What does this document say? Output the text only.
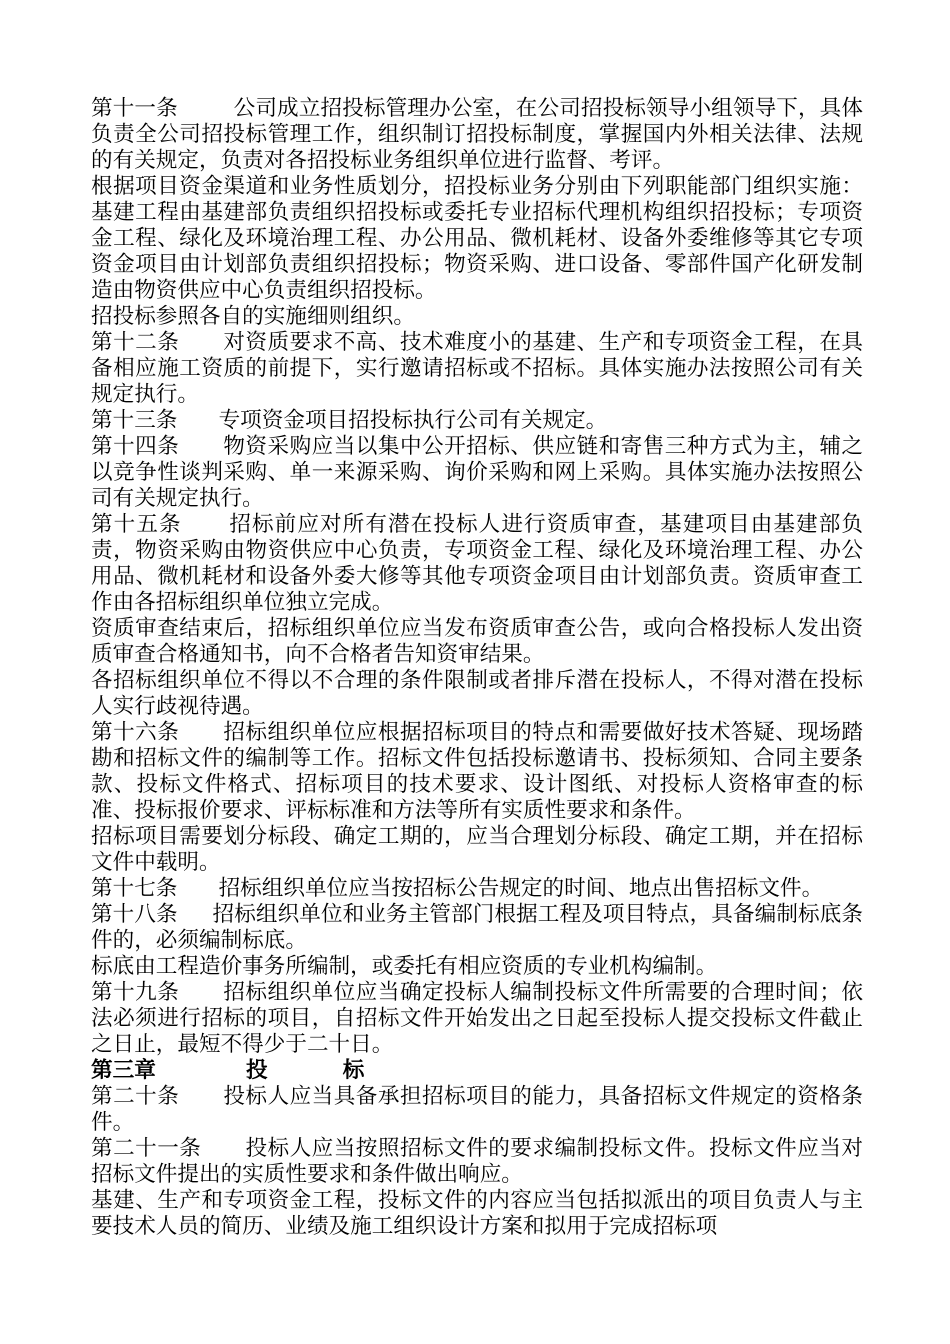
第十一条	公司成立招投标管理办公室，在公司招投标领导小组领导下，具体负责全公司招投标管理工作，组织制订招投标制度，掌握国内外相关法律、法规的有关规定，负责对各招投标业务组织单位进行监督、考评。

根据项目资金渠道和业务性质划分，招投标业务分别由下列职能部门组织实施：基建工程由基建部负责组织招投标或委托专业招标代理机构组织招投标；专项资金工程、绿化及环境治理工程、办公用品、微机耗材、设备外委维修等其它专项资金项目由计划部负责组织招投标；物资采购、进口设备、零部件国产化研发制造由物资供应中心负责组织招投标。

招投标参照各自的实施细则组织。

第十二条 对资质要求不高、技术难度小的基建、生产和专项资金工程，在具备相应施工资质的前提下，实行邀请招标或不招标。具体实施办法按照公司有关规定执行。

第十三条 专项资金项目招投标执行公司有关规定。

第十四条 物资采购应当以集中公开招标、供应链和寄售三种方式为主，辅之以竞争性谈判采购、单一来源采购、询价采购和网上采购。具体实施办法按照公司有关规定执行。

第十五条 招标前应对所有潜在投标人进行资质审查，基建项目由基建部负责，物资采购由物资供应中心负责，专项资金工程、绿化及环境治理工程、办公用品、微机耗材和设备外委大修等其他专项资金项目由计划部负责。资质审查工作由各招标组织单位独立完成。

资质审查结束后，招标组织单位应当发布资质审查公告，或向合格投标人发出资质审查合格通知书，向不合格者告知资审结果。

各招标组织单位不得以不合理的条件限制或者排斥潜在投标人，不得对潜在投标人实行歧视待遇。

第十六条 招标组织单位应根据招标项目的特点和需要做好技术答疑、现场踏勘和招标文件的编制等工作。招标文件包括投标邀请书、投标须知、合同主要条款、投标文件格式、招标项目的技术要求、设计图纸、对投标人资格审查的标准、投标报价要求、评标标准和方法等所有实质性要求和条件。

招标项目需要划分标段、确定工期的，应当合理划分标段、确定工期，并在招标文件中载明。

第十七条 招标组织单位应当按招标公告规定的时间、地点出售招标文件。

第十八条 招标组织单位和业务主管部门根据工程及项目特点，具备编制标底条件的，必须编制标底。

标底由工程造价事务所编制，或委托有相应资质的专业机构编制。

第十九条 招标组织单位应当确定投标人编制投标文件所需要的合理时间；依法必须进行招标的项目，自招标文件开始发出之日起至投标人提交投标文件截止之日止，最短不得少于二十日。

第三章            投          标

第二十条 投标人应当具备承担招标项目的能力，具备招标文件规定的资格条件。

第二十一条 投标人应当按照招标文件的要求编制投标文件。投标文件应当对招标文件提出的实质性要求和条件做出响应。

基建、生产和专项资金工程，投标文件的内容应当包括拟派出的项目负责人与主要技术人员的简历、业绩及施工组织设计方案和拟用于完成招标项
